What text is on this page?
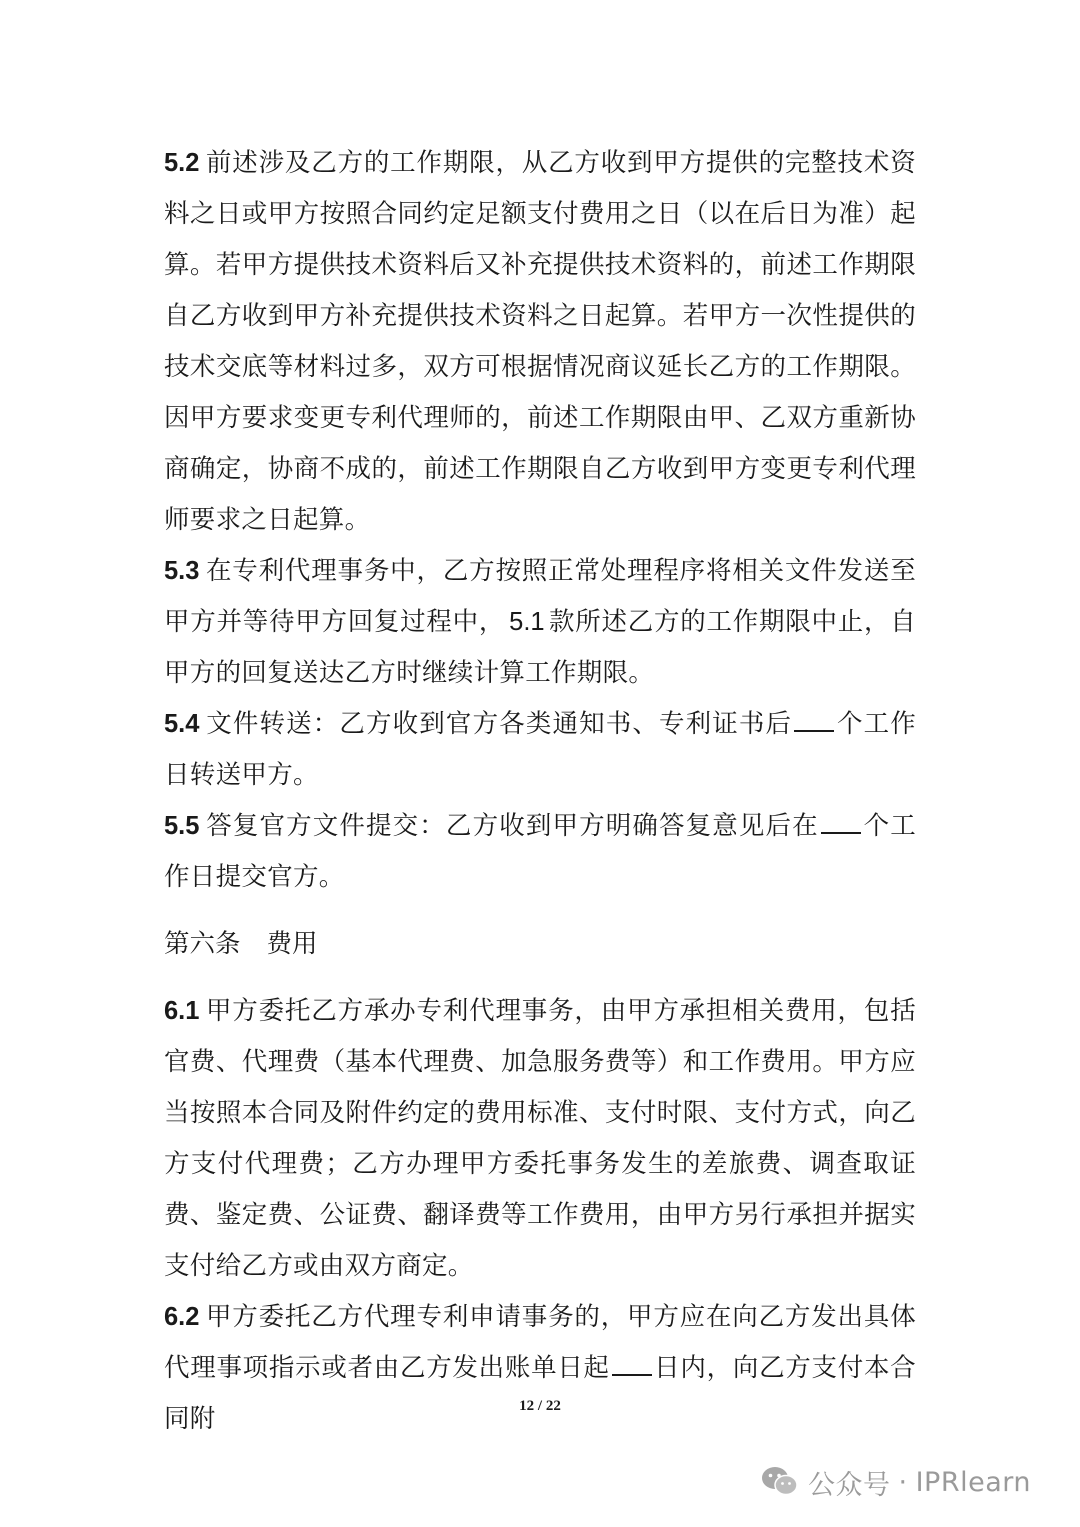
5.2 前述涉及乙方的工作期限，从乙方收到甲方提供的完整技术资料之日或甲方按照合同约定足额支付费用之日（以在后日为准）起算。若甲方提供技术资料后又补充提供技术资料的，前述工作期限自乙方收到甲方补充提供技术资料之日起算。若甲方一次性提供的技术交底等材料过多，双方可根据情况商议延长乙方的工作期限。因甲方要求变更专利代理师的，前述工作期限由甲、乙双方重新协商确定，协商不成的，前述工作期限自乙方收到甲方变更专利代理师要求之日起算。

5.3 在专利代理事务中，乙方按照正常处理程序将相关文件发送至甲方并等待甲方回复过程中， 5.1 款所述乙方的工作期限中止，自甲方的回复送达乙方时继续计算工作期限。

5.4 文件转送：乙方收到官方各类通知书、专利证书后 个工作日转送甲方。

5.5 答复官方文件提交：乙方收到甲方明确答复意见后在 个工作日提交官方。

第六条 费用

6.1 甲方委托乙方承办专利代理事务，由甲方承担相关费用，包括官费、代理费（基本代理费、加急服务费等）和工作费用。甲方应当按照本合同及附件约定的费用标准、支付时限、支付方式，向乙方支付代理费；乙方办理甲方委托事务发生的差旅费、调查取证费、鉴定费、公证费、翻译费等工作费用，由甲方另行承担并据实支付给乙方或由双方商定。

6.2 甲方委托乙方代理专利申请事务的，甲方应在向乙方发出具体代理事项指示或者由乙方发出账单日起 日内，向乙方支付本合同附	12 / 22
公众号 · IPRlearn
